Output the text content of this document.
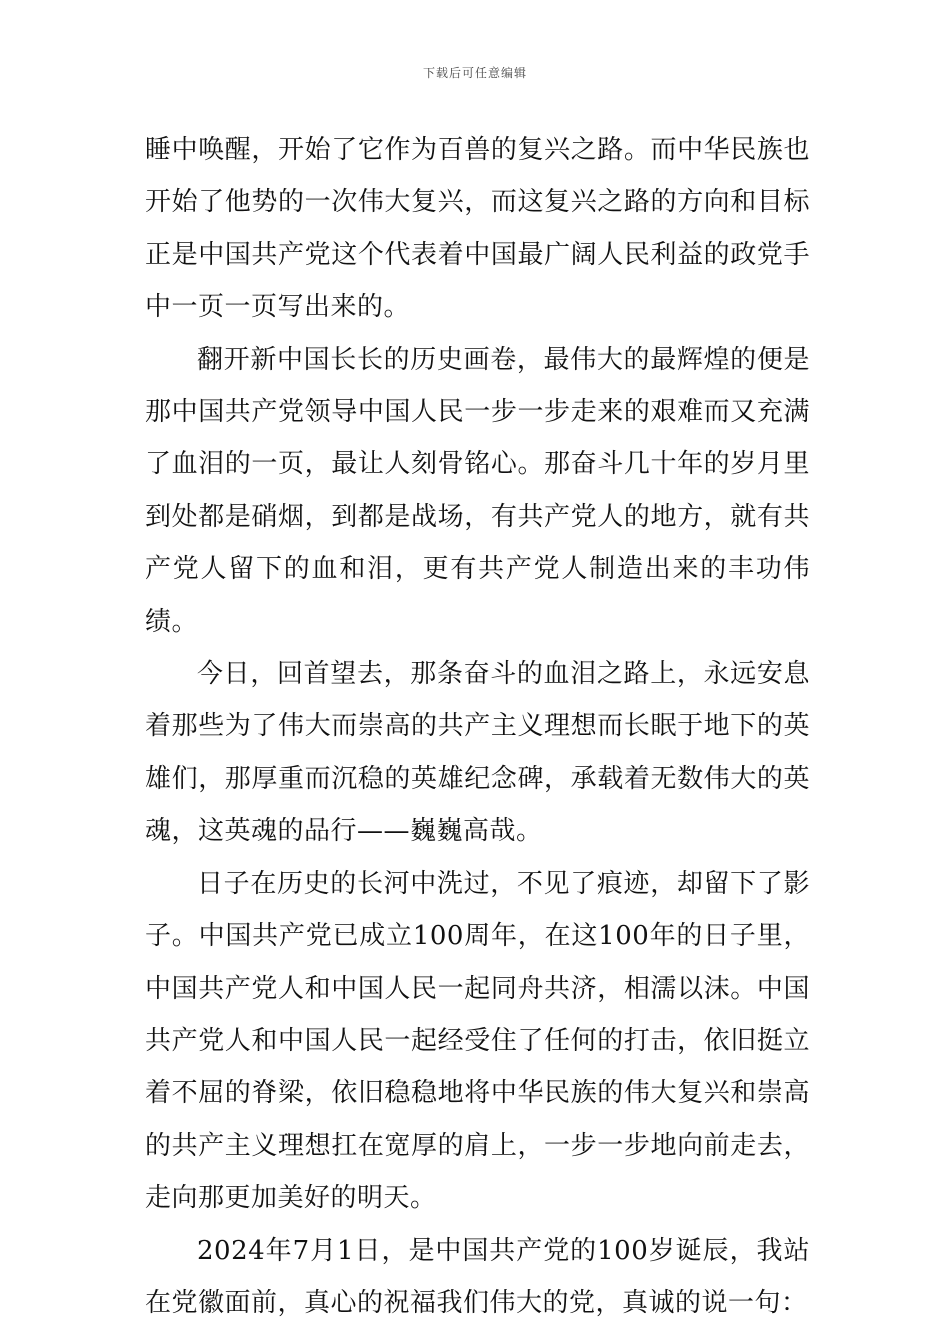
下载后可任意编辑

睡中唤醒，开始了它作为百兽的复兴之路。而中华民族也开始了他势的一次伟大复兴，而这复兴之路的方向和目标正是中国共产党这个代表着中国最广阔人民利益的政党手中一页一页写出来的。

翻开新中国长长的历史画卷，最伟大的最辉煌的便是那中国共产党领导中国人民一步一步走来的艰难而又充满了血泪的一页，最让人刻骨铭心。那奋斗几十年的岁月里到处都是硝烟，到都是战场，有共产党人的地方，就有共产党人留下的血和泪，更有共产党人制造出来的丰功伟绩。

今日，回首望去，那条奋斗的血泪之路上，永远安息着那些为了伟大而崇高的共产主义理想而长眠于地下的英雄们，那厚重而沉稳的英雄纪念碑，承载着无数伟大的英魂，这英魂的品行——巍巍高哉。

日子在历史的长河中洗过，不见了痕迹，却留下了影子。中国共产党已成立100周年，在这100年的日子里，中国共产党人和中国人民一起同舟共济，相濡以沫。中国共产党人和中国人民一起经受住了任何的打击，依旧挺立着不屈的脊梁，依旧稳稳地将中华民族的伟大复兴和崇高的共产主义理想扛在宽厚的肩上，一步一步地向前走去，走向那更加美好的明天。

2024年7月1日，是中国共产党的100岁诞辰，我站在党徽面前，真心的祝福我们伟大的党，真诚的说一句：
